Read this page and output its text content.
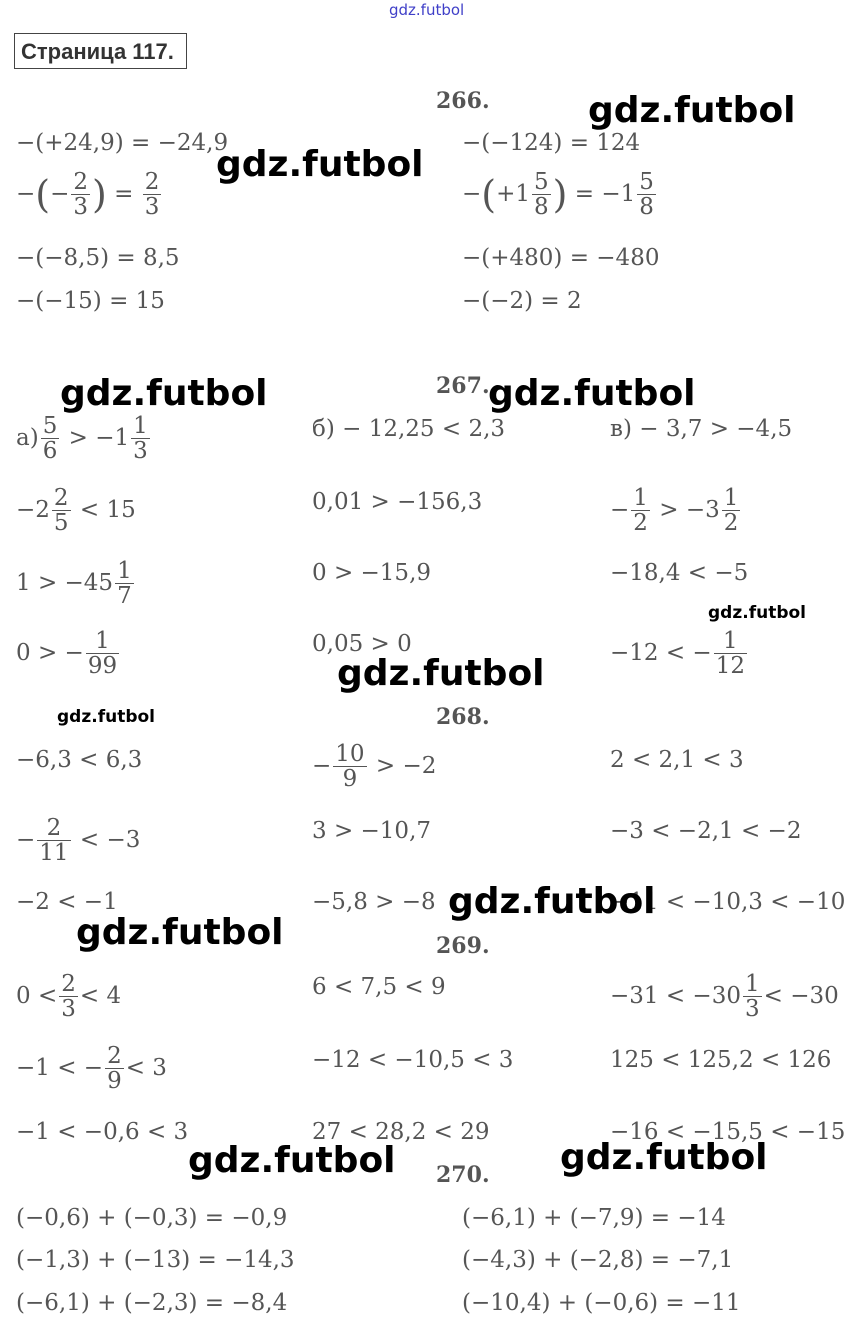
gdz.futbol
Страница 117.
266.
−(+24,9) = −24,9
−(− $\frac{2}{3}$ ) = $\frac{2}{3}$
−(−8,5) = 8,5
−(−15) = 15
−(−124) = 124
$-(+1 \frac{5}{8}$ ) = $-1 \frac{5}{8}$
−(+480) = −480
−(−2) = 2
267.
$а) \frac{5}{6} > -1 \frac{1}{3}$
$-2 \frac{2}{5} < 15$
$1 > -45 \frac{1}{7}$
0 > − $\frac{1}{99}$
б) − 12,25 < 2,3
0,01 > −156,3
0 > −15,9
0,05 > 0
в) − 3,7 > −4,5
− $\frac{1}{2} > -3 \frac{1}{2}$
−18,4 < −5
−12 < − $\frac{1}{12}$
268.
−6,3 < 6,3
− $\frac{2}{11} < -3$
−2 < −1
− $\frac{10}{9} > -2$
3 > −10,7
−5,8 > −8
2 < 2,1 < 3
−3 < −2,1 < −2
−11 < −10,3 < −10
269.
$0 < \frac{2}{3} < 4$
−1 < − $\frac{2}{9} < 3$
−1 < −0,6 < 3
6 < 7,5 < 9
−12 < −10,5 < 3
27 < 28,2 < 29
$-31 < -30 \frac{1}{3} < -30$
125 < 125,2 < 126
−16 < −15,5 < −15
270.
(−0,6) + (−0,3) = −0,9
(−1,3) + (−13) = −14,3
(−6,1) + (−2,3) = −8,4
(−6,1) + (−7,9) = −14
(−4,3) + (−2,8) = −7,1
(−10,4) + (−0,6) = −11
gdz.futbol
gdz.futbol
gdz.futbol	gdz.futbol
gdz.futbol
gdz.futbol
gdz.futbol
gdz.futbol
gdz.futbol
gdz.futbol	gdz.futbol
